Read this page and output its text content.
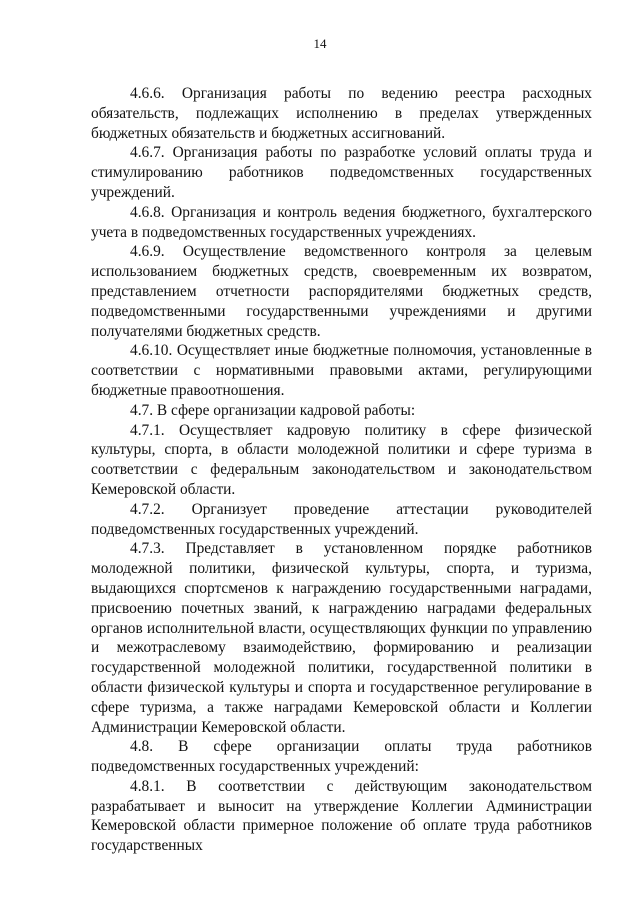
14

4.6.6. Организация работы по ведению реестра расходных обязательств, подлежащих исполнению в пределах утвержденных бюджетных обязательств и бюджетных ассигнований.

4.6.7. Организация работы по разработке условий оплаты труда и стимулированию работников подведомственных государственных учреждений.

4.6.8. Организация и контроль ведения бюджетного, бухгалтерского учета в подведомственных государственных учреждениях.

4.6.9. Осуществление ведомственного контроля за целевым использованием бюджетных средств, своевременным их возвратом, представлением отчетности распорядителями бюджетных средств, подведомственными государственными учреждениями и другими получателями бюджетных средств.

4.6.10. Осуществляет иные бюджетные полномочия, установленные в соответствии с нормативными правовыми актами, регулирующими бюджетные правоотношения.

4.7. В сфере организации кадровой работы:

4.7.1. Осуществляет кадровую политику в сфере физической культуры, спорта, в области молодежной политики и сфере туризма в соответствии с федеральным законодательством и законодательством Кемеровской области.

4.7.2. Организует проведение аттестации руководителей подведомственных государственных учреждений.

4.7.3. Представляет в установленном порядке работников молодежной политики, физической культуры, спорта, и туризма, выдающихся спортсменов к награждению государственными наградами, присвоению почетных званий, к награждению наградами федеральных органов исполнительной власти, осуществляющих функции по управлению и межотраслевому взаимодействию, формированию и реализации государственной молодежной политики, государственной политики в области физической культуры и спорта и государственное регулирование в сфере туризма, а также наградами Кемеровской области и Коллегии Администрации Кемеровской области.

4.8. В сфере организации оплаты труда работников подведомственных государственных учреждений:

4.8.1. В соответствии с действующим законодательством разрабатывает и выносит на утверждение Коллегии Администрации Кемеровской области примерное положение об оплате труда работников государственных
